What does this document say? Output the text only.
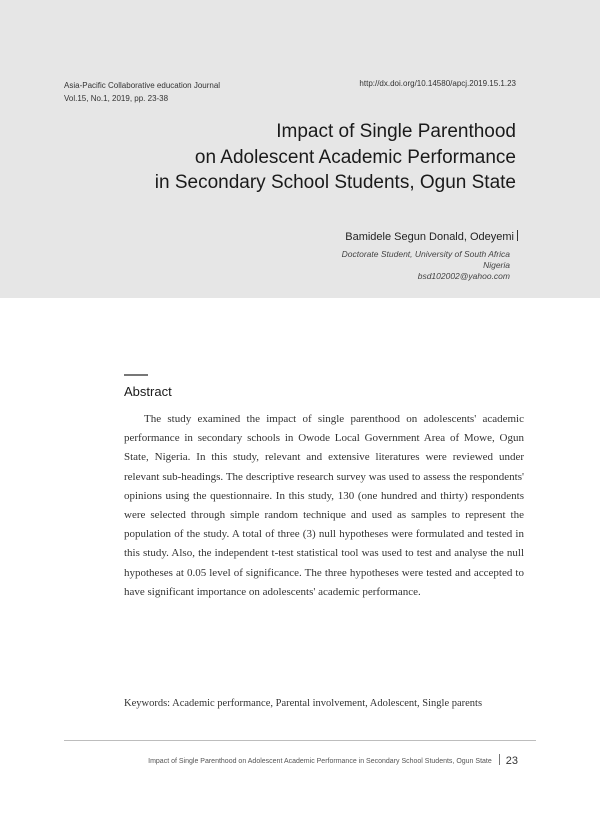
Asia-Pacific Collaborative education Journal
Vol.15, No.1, 2019, pp. 23-38
http://dx.doi.org/10.14580/apcj.2019.15.1.23
Impact of Single Parenthood
on Adolescent Academic Performance
in Secondary School Students, Ogun State
Bamidele Segun Donald, Odeyemi
Doctorate Student, University of South Africa
Nigeria
bsd102002@yahoo.com
Abstract

The study examined the impact of single parenthood on adolescents' academic performance in secondary schools in Owode Local Government Area of Mowe, Ogun State, Nigeria. In this study, relevant and extensive literatures were reviewed under relevant sub-headings. The descriptive research survey was used to assess the respondents' opinions using the questionnaire. In this study, 130 (one hundred and thirty) respondents were selected through simple random technique and used as samples to represent the population of the study. A total of three (3) null hypotheses were formulated and tested in this study. Also, the independent t-test statistical tool was used to test and analyse the null hypotheses at 0.05 level of significance. The three hypotheses were tested and accepted to have significant importance on adolescents' academic performance.

Keywords: Academic performance, Parental involvement, Adolescent, Single parents
Impact of Single Parenthood on Adolescent Academic Performance in Secondary School Students, Ogun State 23
